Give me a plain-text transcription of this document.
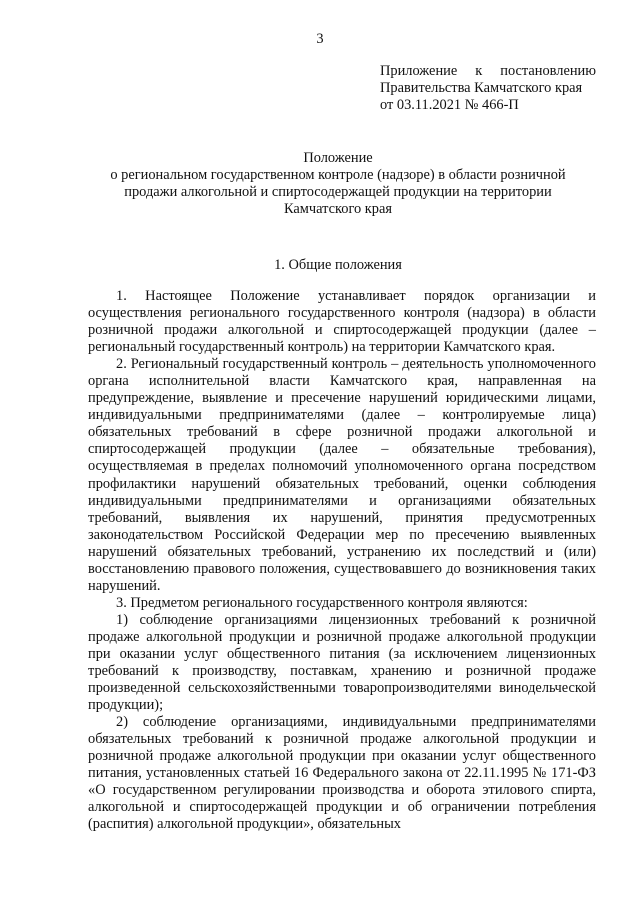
3
Приложение к постановлению
Правительства Камчатского края
от 03.11.2021 № 466-П
Положение
о региональном государственном контроле (надзоре) в области розничной
продажи алкогольной и спиртосодержащей продукции на территории
Камчатского края
1. Общие положения

1. Настоящее Положение устанавливает порядок организации и осуществления регионального государственного контроля (надзора) в области розничной продажи алкогольной и спиртосодержащей продукции (далее – региональный государственный контроль) на территории Камчатского края.

2. Региональный государственный контроль – деятельность уполномоченного органа исполнительной власти Камчатского края, направленная на предупреждение, выявление и пресечение нарушений юридическими лицами, индивидуальными предпринимателями (далее – контролируемые лица) обязательных требований в сфере розничной продажи алкогольной и спиртосодержащей продукции (далее – обязательные требования), осуществляемая в пределах полномочий уполномоченного органа посредством профилактики нарушений обязательных требований, оценки соблюдения индивидуальными предпринимателями и организациями обязательных требований, выявления их нарушений, принятия предусмотренных законодательством Российской Федерации мер по пресечению выявленных нарушений обязательных требований, устранению их последствий и (или) восстановлению правового положения, существовавшего до возникновения таких нарушений.

3. Предметом регионального государственного контроля являются:

1) соблюдение организациями лицензионных требований к розничной продаже алкогольной продукции и розничной продаже алкогольной продукции при оказании услуг общественного питания (за исключением лицензионных требований к производству, поставкам, хранению и розничной продаже произведенной сельскохозяйственными товаропроизводителями винодельческой продукции);

2) соблюдение организациями, индивидуальными предпринимателями обязательных требований к розничной продаже алкогольной продукции и розничной продаже алкогольной продукции при оказании услуг общественного питания, установленных статьей 16 Федерального закона от 22.11.1995 № 171-ФЗ «О государственном регулировании производства и оборота этилового спирта, алкогольной и спиртосодержащей продукции и об ограничении потребления (распития) алкогольной продукции», обязательных
